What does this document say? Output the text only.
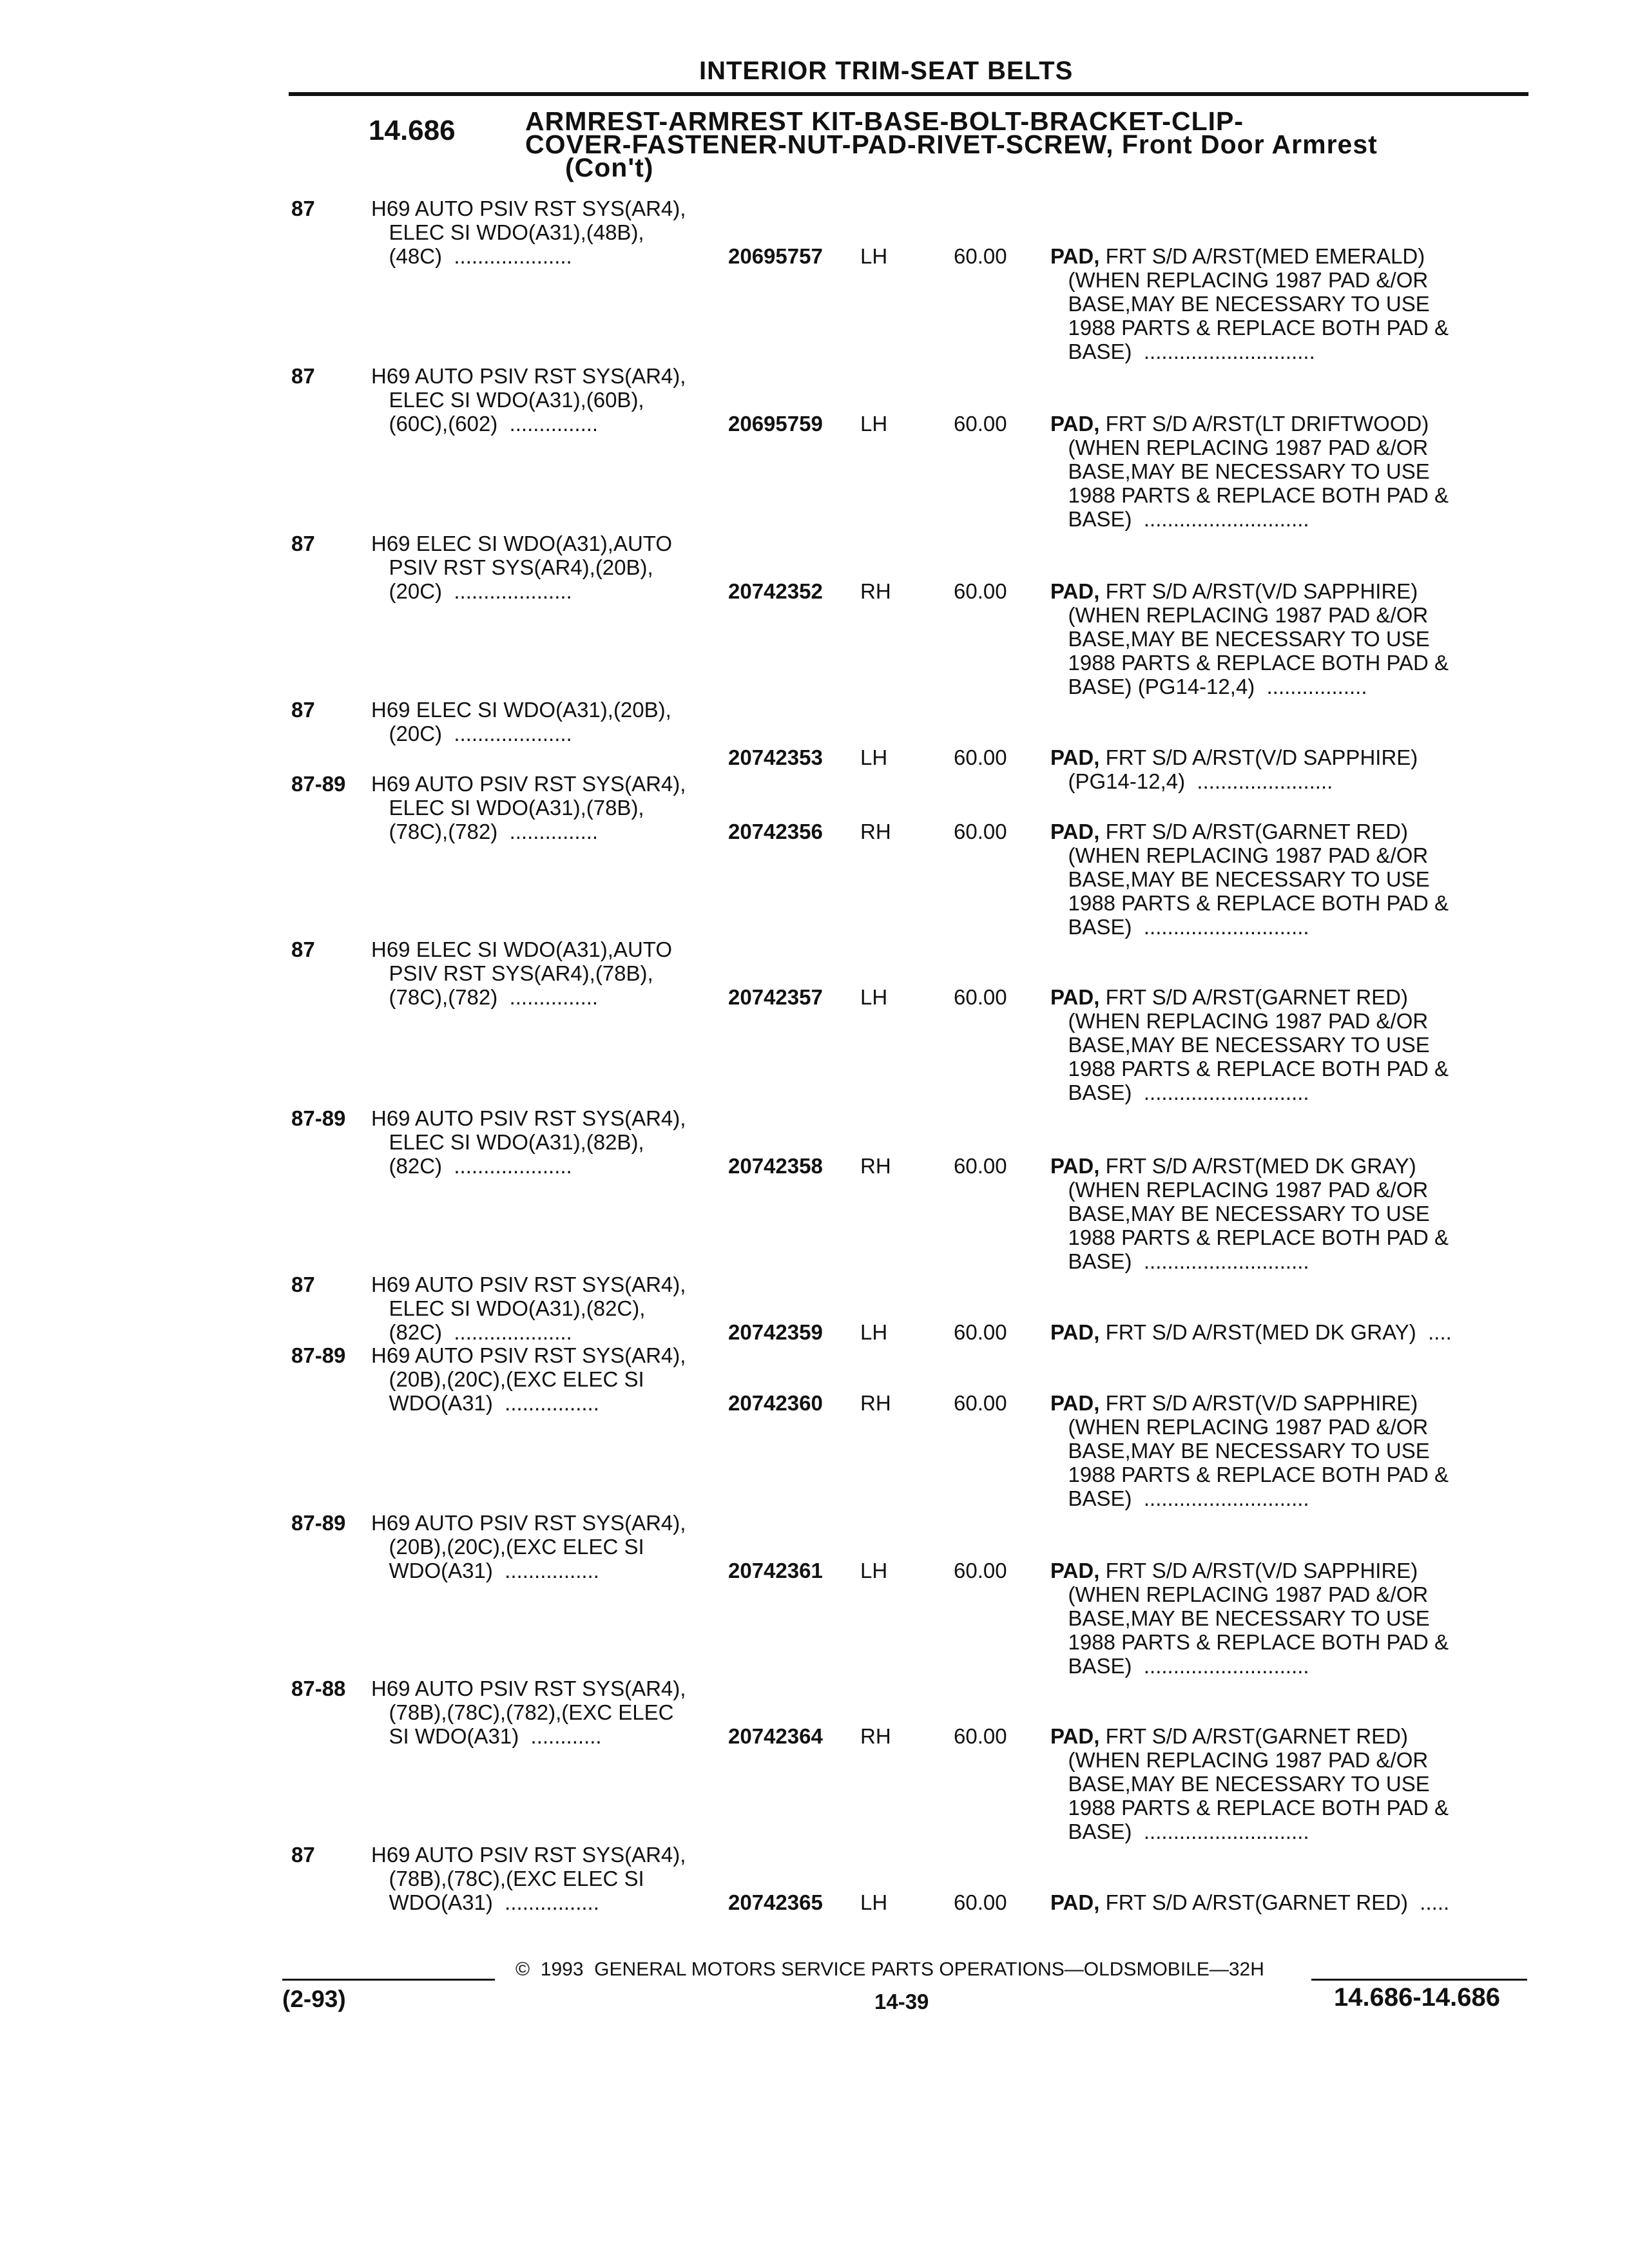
INTERIOR TRIM-SEAT BELTS
14.686	ARMREST-ARMREST KIT-BASE-BOLT-BRACKET-CLIP-
COVER-FASTENER-NUT-PAD-RIVET-SCREW, Front Door Armrest
(Con't)
87	H69 AUTO PSIV RST SYS(AR4),
ELEC SI WDO(A31),(48B),
(48C)  ....................	20695757 LH	60.00 PAD, FRT S/D A/RST(MED EMERALD)
(WHEN REPLACING 1987 PAD &/OR
BASE,MAY BE NECESSARY TO USE
1988 PARTS & REPLACE BOTH PAD &
BASE)  .............................
87	H69 AUTO PSIV RST SYS(AR4),
ELEC SI WDO(A31),(60B),
(60C),(602)  ...............	20695759 LH	60.00 PAD, FRT S/D A/RST(LT DRIFTWOOD)
(WHEN REPLACING 1987 PAD &/OR
BASE,MAY BE NECESSARY TO USE
1988 PARTS & REPLACE BOTH PAD &
BASE)  ............................
87	H69 ELEC SI WDO(A31),AUTO
PSIV RST SYS(AR4),(20B),
(20C)  ....................	20742352 RH	60.00 PAD, FRT S/D A/RST(V/D SAPPHIRE)
(WHEN REPLACING 1987 PAD &/OR
BASE,MAY BE NECESSARY TO USE
1988 PARTS & REPLACE BOTH PAD &
BASE) (PG14-12,4)  .................
87	H69 ELEC SI WDO(A31),(20B),
(20C)  ....................
20742353 LH	60.00 PAD, FRT S/D A/RST(V/D SAPPHIRE)
(PG14-12,4)  .......................
87-89 H69 AUTO PSIV RST SYS(AR4),
ELEC SI WDO(A31),(78B),
(78C),(782)  ...............	20742356 RH	60.00 PAD, FRT S/D A/RST(GARNET RED)
(WHEN REPLACING 1987 PAD &/OR
BASE,MAY BE NECESSARY TO USE
1988 PARTS & REPLACE BOTH PAD &
BASE)  ............................
87	H69 ELEC SI WDO(A31),AUTO
PSIV RST SYS(AR4),(78B),
(78C),(782)  ...............	20742357 LH	60.00 PAD, FRT S/D A/RST(GARNET RED)
(WHEN REPLACING 1987 PAD &/OR
BASE,MAY BE NECESSARY TO USE
1988 PARTS & REPLACE BOTH PAD &
BASE)  ............................
87-89 H69 AUTO PSIV RST SYS(AR4),
ELEC SI WDO(A31),(82B),
(82C)  ....................	20742358 RH	60.00 PAD, FRT S/D A/RST(MED DK GRAY)
(WHEN REPLACING 1987 PAD &/OR
BASE,MAY BE NECESSARY TO USE
1988 PARTS & REPLACE BOTH PAD &
BASE)  ............................
87	H69 AUTO PSIV RST SYS(AR4),
ELEC SI WDO(A31),(82C),
(82C)  ....................	20742359 LH	60.00 PAD, FRT S/D A/RST(MED DK GRAY)  ....
87-89 H69 AUTO PSIV RST SYS(AR4),
(20B),(20C),(EXC ELEC SI
WDO(A31)  ................	20742360 RH	60.00 PAD, FRT S/D A/RST(V/D SAPPHIRE)
(WHEN REPLACING 1987 PAD &/OR
BASE,MAY BE NECESSARY TO USE
1988 PARTS & REPLACE BOTH PAD &
BASE)  ............................
87-89 H69 AUTO PSIV RST SYS(AR4),
(20B),(20C),(EXC ELEC SI
WDO(A31)  ................	20742361 LH	60.00 PAD, FRT S/D A/RST(V/D SAPPHIRE)
(WHEN REPLACING 1987 PAD &/OR
BASE,MAY BE NECESSARY TO USE
1988 PARTS & REPLACE BOTH PAD &
BASE)  ............................
87-88 H69 AUTO PSIV RST SYS(AR4),
(78B),(78C),(782),(EXC ELEC
SI WDO(A31)  ............	20742364 RH	60.00 PAD, FRT S/D A/RST(GARNET RED)
(WHEN REPLACING 1987 PAD &/OR
BASE,MAY BE NECESSARY TO USE
1988 PARTS & REPLACE BOTH PAD &
BASE)  ............................
87	H69 AUTO PSIV RST SYS(AR4),
(78B),(78C),(EXC ELEC SI
WDO(A31)  ................	20742365 LH	60.00 PAD, FRT S/D A/RST(GARNET RED)  .....
©  1993  GENERAL MOTORS SERVICE PARTS OPERATIONS—OLDSMOBILE—32H
(2-93)	14-39	14.686-14.686
